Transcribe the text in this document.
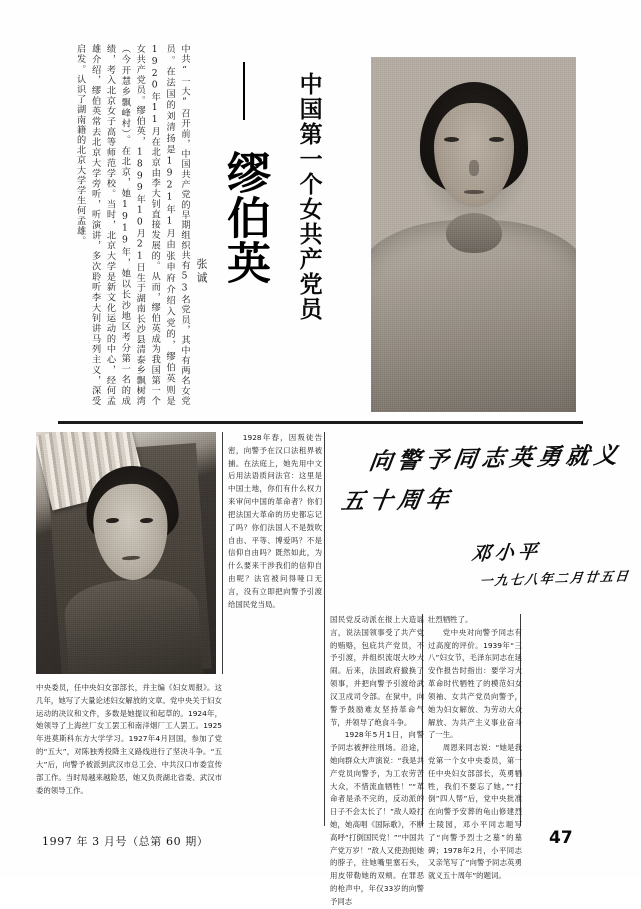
中共“一大”召开前，中国共产党的早期组织共有53名党员，其中有两名女党员。在法国的刘清扬是1921年1月由张申府介绍入党的，缪伯英则是1920年11月在北京由李大钊直接发展的。从而，缪伯英成为我国第一个女共产党员。缪伯英，1899年10月21日生于湖南长沙县清泰乡飘树湾（今开慧乡飘峰村）。在北京，她1919年，她以长沙地区考分第一名的成绩，考入北京女子高等师范学校。当时，北京大学是新文化运动的中心，经何孟雄介绍，缪伯英常去北京大学旁听，听演讲，多次聆听李大钊讲马列主义，深受启发。认识了湖南籍的北京大学学生何孟雄。

张诚 缪伯英 中国第一个女共产党员
向警予同志英勇就义
五十周年
邓小平
一九七八年二月廿五日

1928年春，因叛徒告密，向警予在汉口法租界被捕。在法庭上，她先用中文后用法语质问法官：这里是中国土地，你们有什么权力来审问中国的革命者？你们把法国大革命的历史都忘记了吗？你们法国人不是鼓吹自由、平等、博爱吗？不是信仰自由吗？既然如此，为什么要来干涉我们的信仰自由呢？法官被问得哑口无言，没有立即把向警予引渡给国民党当局。

国民党反动派在报上大造谣言，说法国领事受了共产党的贿赂，包庇共产党员，不予引渡，并组织流氓大吵大闹。后来，法国政府撤换了领事，并把向警予引渡给武汉卫戍司令部。在狱中，向警予鼓励难友坚持革命气节，并领导了绝食斗争。

1928年5月1日，向警予同志被押往刑场。沿途，她向群众大声演说：“我是共产党员向警予，为工农劳苦大众，不惜流血牺牲！”“革命者是杀不完的，反动派的日子不会太长了！”敌人殴打她，她高唱《国际歌》，不断高呼“打倒国民党！”“中国共产党万岁！”敌人又使劲扼她的脖子，往她嘴里塞石头，用皮带勒她的双颊。在罪恶的枪声中，年仅33岁的向警予同志

壮烈牺牲了。

党中央对向警予同志有过高度的评价。1939年“三八”妇女节，毛泽东同志在延安作报告时指出：要学习大革命时代牺牲了的模范妇女领袖、女共产党员向警予，她为妇女解放、为劳动大众解放、为共产主义事业奋斗了一生。

周恩来同志说：“她是我党第一个女中央委员，第一任中央妇女部部长，英勇牺牲，我们不要忘了她。”“打倒”四人帮”后，党中央批准在向警予安葬的龟山修建烈士陵园，邓小平同志题写了“向警予烈士之墓”的墓碑；1978年2月，小平同志又亲笔写了“向警予同志英勇就义五十周年”的题词。

中央委员，任中央妇女部部长，并主编《妇女周报》。这几年，她写了大量论述妇女解放的文章。党中央关于妇女运动的决议和文件，多数是她提议和起草的。1924年，她领导了上海丝厂女工罢工和南洋烟厂工人罢工。1925年进莫斯科东方大学学习。1927年4月回国，参加了党的“五大”，对陈独秀投降主义路线进行了坚决斗争。“五大”后，向警予被派到武汉市总工会、中共汉口市委宣传部工作。当时局越来越险恶，她又负责湖北省委、武汉市委的领导工作。

1997 年 3 月号（总第 60 期）	47
